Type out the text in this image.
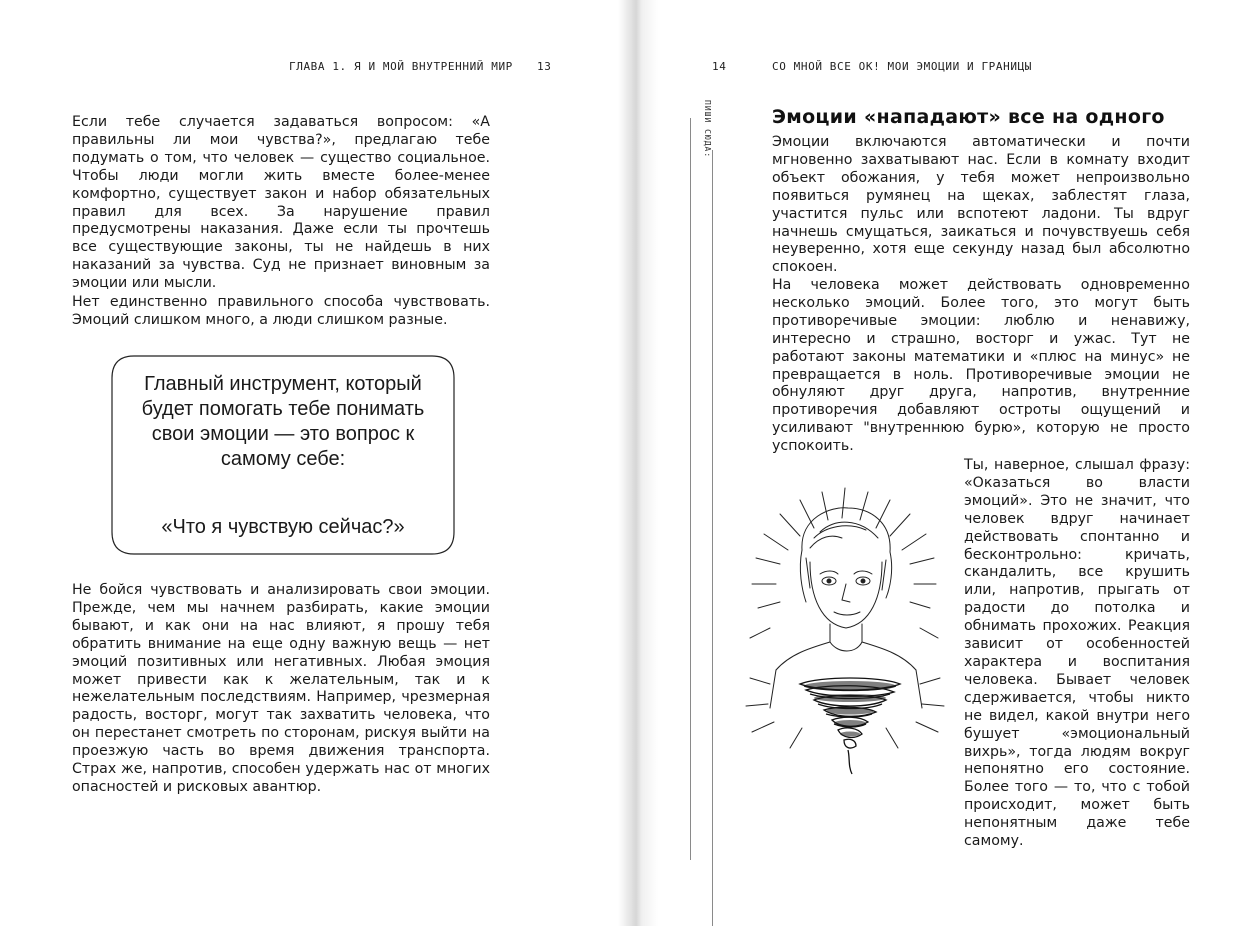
ГЛАВА 1. Я И МОЙ ВНУТРЕННИЙ МИР 13

Если тебе случается задаваться вопросом: «А правильны ли мои чувства?», предлагаю тебе подумать о том, что человек — существо социальное. Чтобы люди могли жить вместе более-менее комфортно, существует закон и набор обязательных правил для всех. За нарушение правил предусмотрены наказания. Даже если ты прочтешь все существующие законы, ты не найдешь в них наказаний за чувства. Суд не признает виновным за эмоции или мысли.

Нет единственно правильного способа чувствовать. Эмоций слишком много, а люди слишком разные.

Главный инструмент, который будет помогать тебе понимать свои эмоции — это вопрос к самому себе:
«Что я чувствую сейчас?»

Не бойся чувствовать и анализировать свои эмоции. Прежде, чем мы начнем разбирать, какие эмоции бывают, и как они на нас влияют, я прошу тебя обратить внимание на еще одну важную вещь — нет эмоций позитивных или негативных. Любая эмоция может привести как к желательным, так и к нежелательным последствиям. Например, чрезмерная радость, восторг, могут так захватить человека, что он перестанет смотреть по сторонам, рискуя выйти на проезжую часть во время движения транспорта. Страх же, напротив, способен удержать нас от многих опасностей и рисковых авантюр.

14	СО МНОЙ ВСЕ ОК! МОИ ЭМОЦИИ И ГРАНИЦЫ
ПИШИ СЮДА:	Эмоции «нападают» все на одного

Эмоции включаются автоматически и почти мгновенно захватывают нас. Если в комнату входит объект обожания, у тебя может непроизвольно появиться румянец на щеках, заблестят глаза, участится пульс или вспотеют ладони. Ты вдруг начнешь смущаться, заикаться и почувствуешь себя неуверенно, хотя еще секунду назад был абсолютно спокоен.

На человека может действовать одновременно несколько эмоций. Более того, это могут быть противоречивые эмоции: люблю и ненавижу, интересно и страшно, восторг и ужас. Тут не работают законы математики и «плюс на минус» не превращается в ноль. Противоречивые эмоции не обнуляют друг друга, напротив, внутренние противоречия добавляют остроты ощущений и усиливают "внутреннюю бурю», которую не просто успокоить.

Ты, наверное, слышал фразу: «Оказаться во власти эмоций». Это не значит, что человек вдруг начинает действовать спонтанно и бесконтрольно: кричать, скандалить, все крушить или, напротив, прыгать от радости до потолка и обнимать прохожих. Реакция зависит от особенностей характера и воспитания человека. Бывает человек сдерживается, чтобы никто не видел, какой внутри него бушует «эмоциональный вихрь», тогда людям вокруг непонятно его состояние. Более того — то, что с тобой происходит, может быть непонятным даже тебе самому.
